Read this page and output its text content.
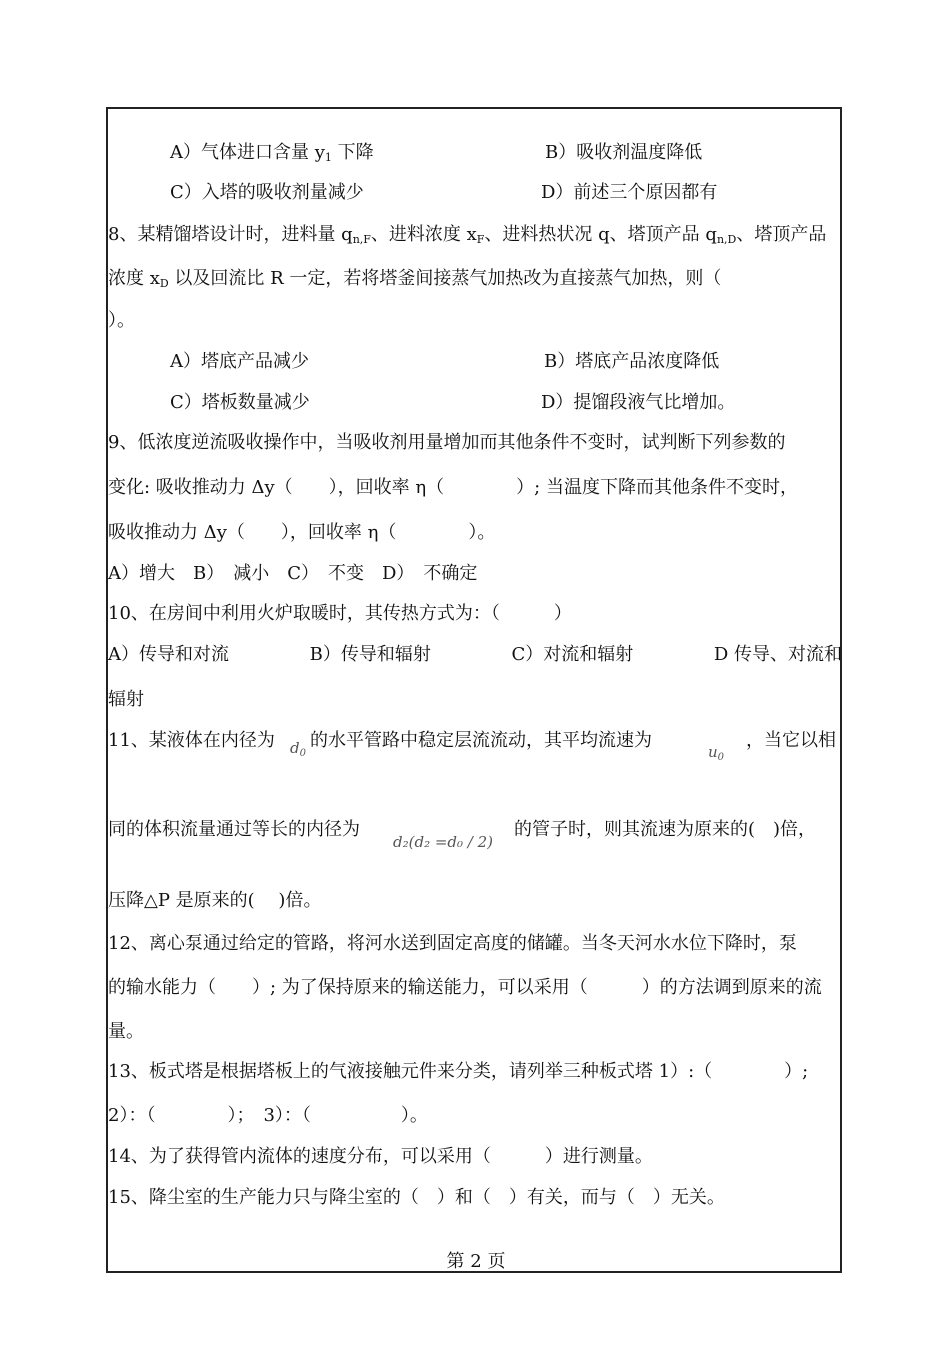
A）气体进口含量 $y_1$ 下降	B）吸收剂温度降低
C）入塔的吸收剂量减少	D）前述三个原因都有
8、某精馏塔设计时，进料量 $q_{n,F}$、进料浓度 $x_F$、进料热状况 q、塔顶产品 $q_{n,D}$、塔顶产品
浓度 $x_D$ 以及回流比 R 一定，若将塔釜间接蒸气加热改为直接蒸气加热，则（
）。
A）塔底产品减少	B）塔底产品浓度降低
C）塔板数量减少	D）提馏段液气比增加。
9、低浓度逆流吸收操作中，当吸收剂用量增加而其他条件不变时，试判断下列参数的
变化: 吸收推动力 Δy（　　），回收率 η（　　　　）; 当温度下降而其他条件不变时，
吸收推动力 Δy（　　），回收率 η（　　　　）。
A）增大　B）　减小　C）　不变　D）　不确定
10、在房间中利用火炉取暖时，其传热方式为：（　　　）
A）传导和对流	B）传导和辐射	C）对流和辐射	D 传导、对流和
辐射
11、某液体在内径为 $d_0$
的水平管路中稳定层流流动，其平均流速为
$u_0$
，当它以相
同的体积流量通过等长的内径为
d₂(d₂ =d₀ / 2)
的管子时，则其流速为原来的(　)倍，
压降△P 是原来的(　 )倍。
12、离心泵通过给定的管路，将河水送到固定高度的储罐。当冬天河水水位下降时，泵
的输水能力（　　）; 为了保持原来的输送能力，可以采用（　　　）的方法调到原来的流
量。
13、板式塔是根据塔板上的气液接触元件来分类，请列举三种板式塔 1）:（　　　　）;
2）：（　　　　）；　3）：（　　　　　）。
14、为了获得管内流体的速度分布，可以采用（　　　）进行测量。
15、降尘室的生产能力只与降尘室的（　）和（　）有关，而与（　）无关。
第 2 页
